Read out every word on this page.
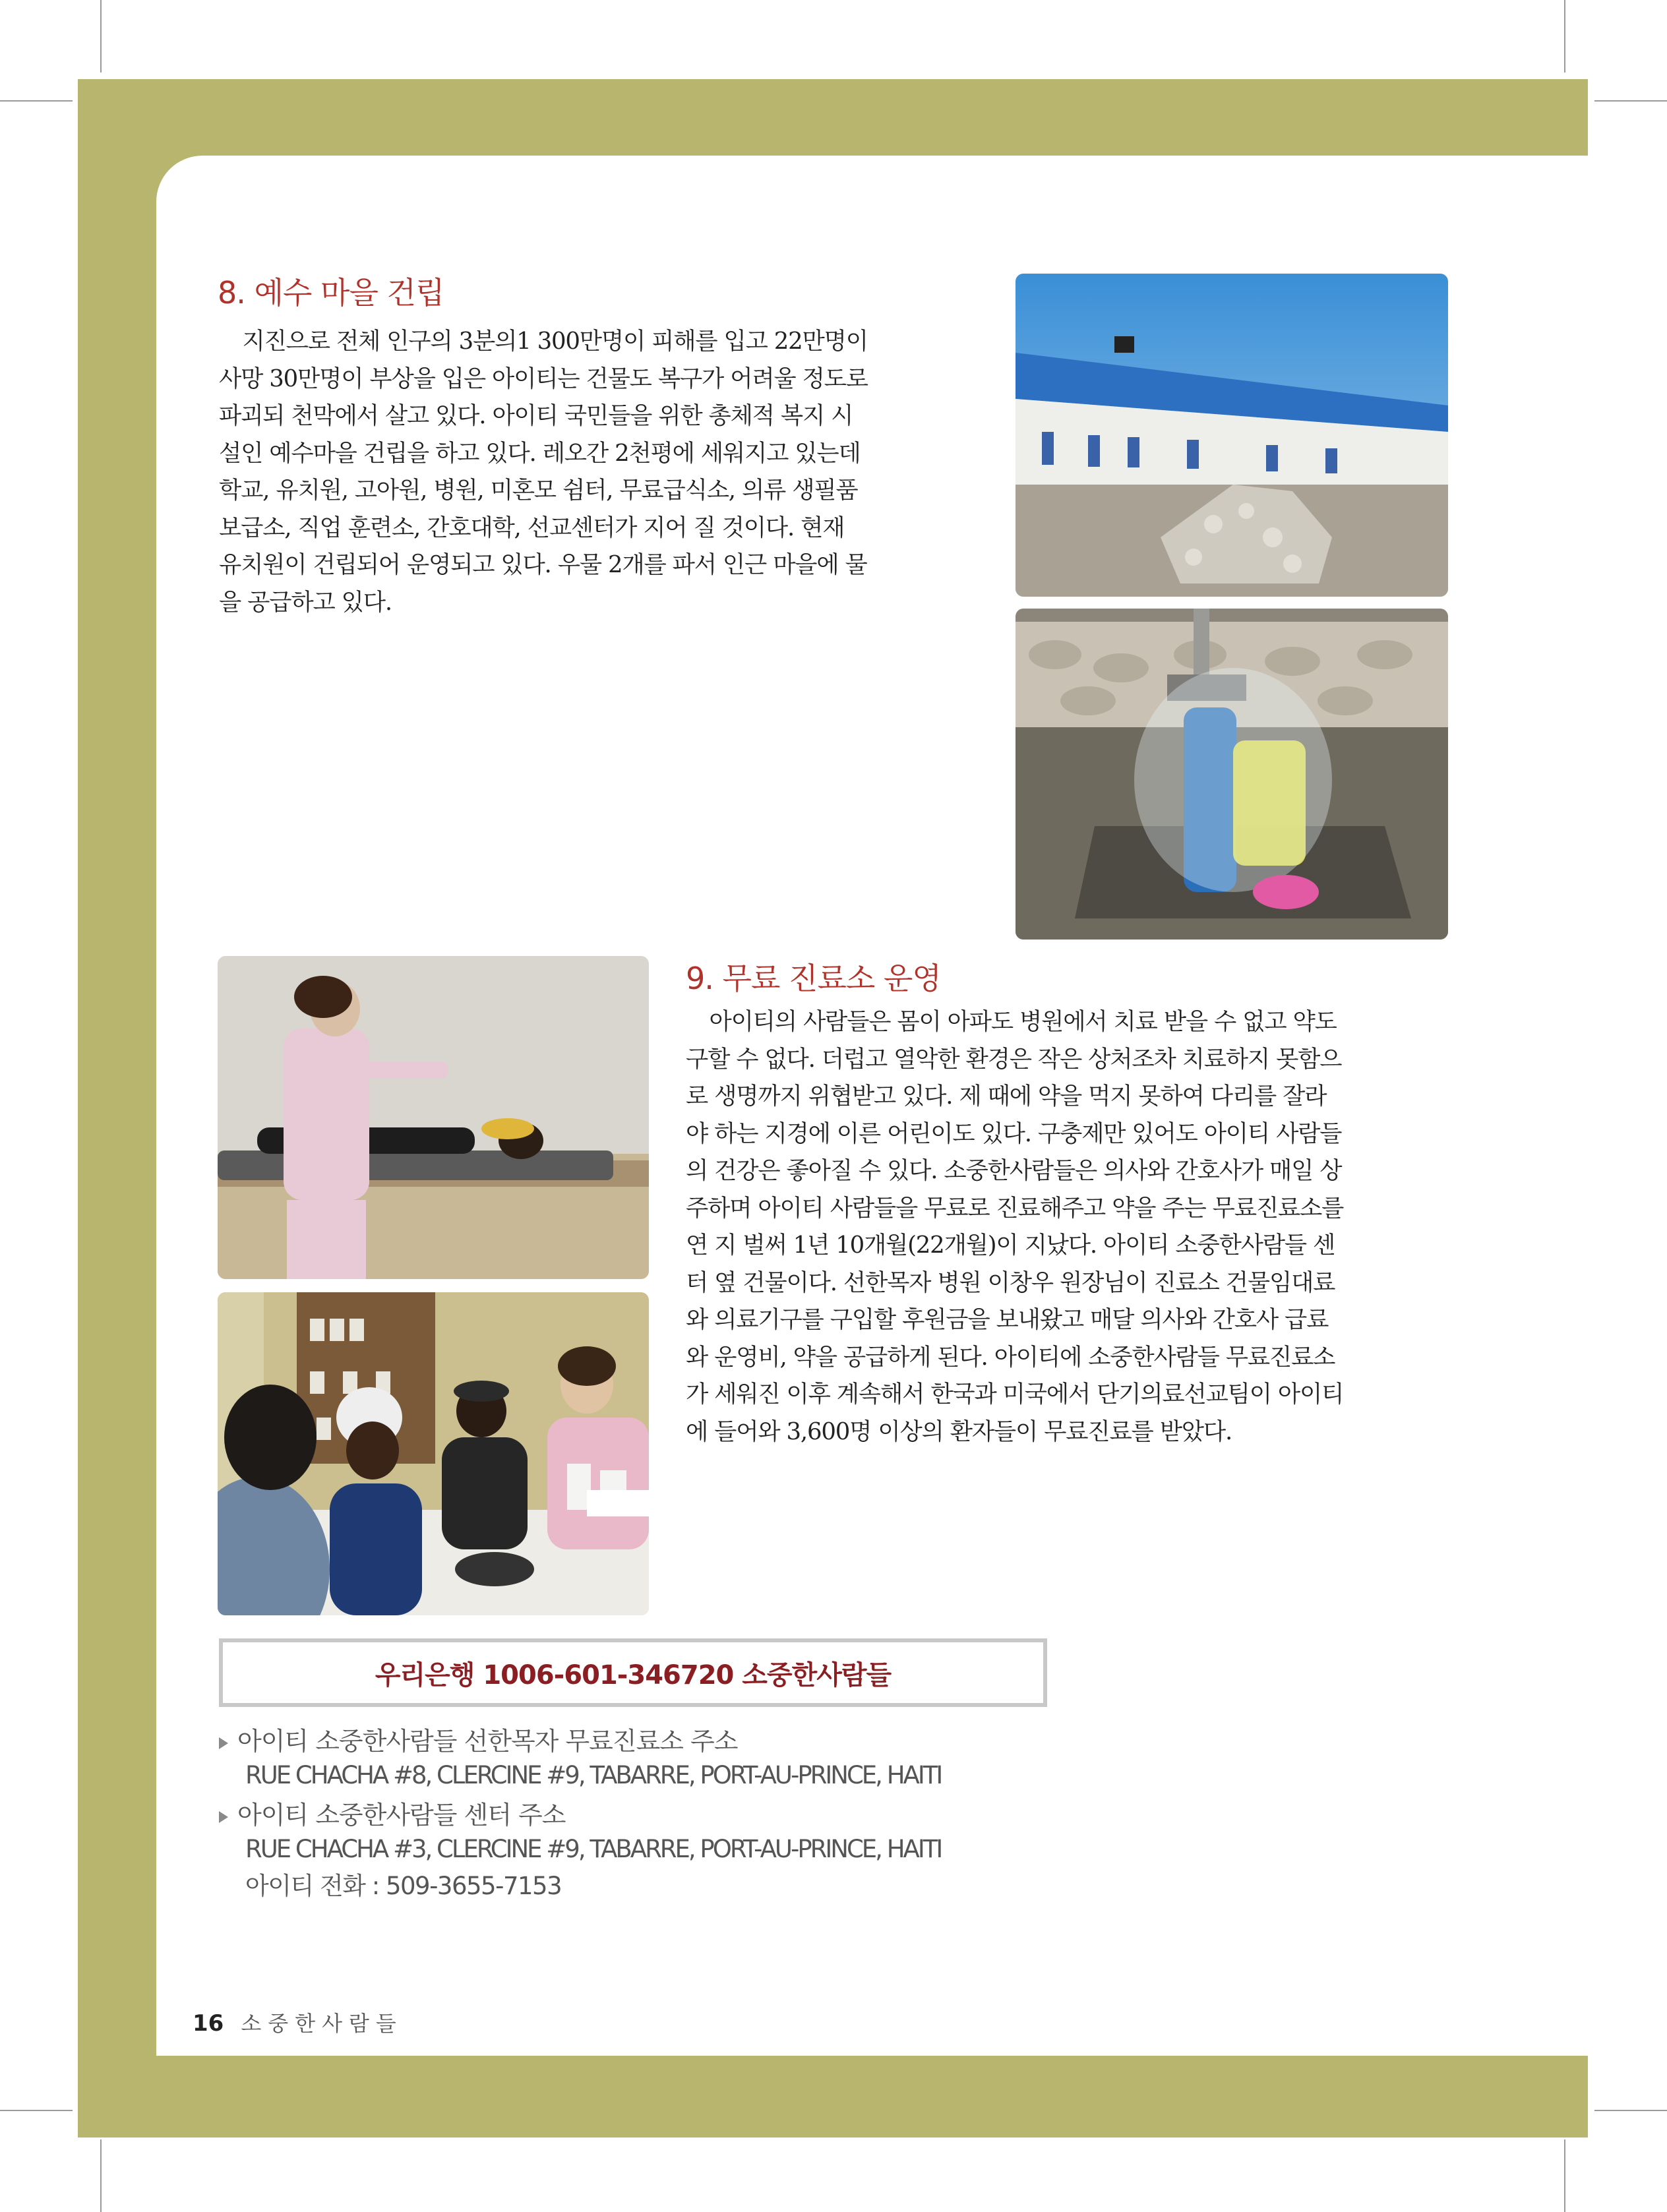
8. 예수 마을 건립
지진으로 전체 인구의 3분의1 300만명이 피해를 입고 22만명이
사망 30만명이 부상을 입은 아이티는 건물도 복구가 어려울 정도로
파괴되 천막에서 살고 있다. 아이티 국민들을 위한 총체적 복지 시
설인 예수마을 건립을 하고 있다. 레오간 2천평에 세워지고 있는데
학교, 유치원, 고아원, 병원, 미혼모 쉼터, 무료급식소, 의류 생필품
보급소, 직업 훈련소, 간호대학, 선교센터가 지어 질 것이다. 현재
유치원이 건립되어 운영되고 있다. 우물 2개를 파서 인근 마을에 물
을 공급하고 있다.
9. 무료 진료소 운영
아이티의 사람들은 몸이 아파도 병원에서 치료 받을 수 없고 약도
구할 수 없다. 더럽고 열악한 환경은 작은 상처조차 치료하지 못함으
로 생명까지 위협받고 있다. 제 때에 약을 먹지 못하여 다리를 잘라
야 하는 지경에 이른 어린이도 있다. 구충제만 있어도 아이티 사람들
의 건강은 좋아질 수 있다. 소중한사람들은 의사와 간호사가 매일 상
주하며 아이티 사람들을 무료로 진료해주고 약을 주는 무료진료소를
연 지 벌써 1년 10개월(22개월)이 지났다. 아이티 소중한사람들 센
터 옆 건물이다. 선한목자 병원 이창우 원장님이 진료소 건물임대료
와 의료기구를 구입할 후원금을 보내왔고 매달 의사와 간호사 급료
와 운영비, 약을 공급하게 된다. 아이티에 소중한사람들 무료진료소
가 세워진 이후 계속해서 한국과 미국에서 단기의료선교팀이 아이티
에 들어와 3,600명 이상의 환자들이 무료진료를 받았다.
우리은행 1006-601-346720 소중한사람들
아이티 소중한사람들 선한목자 무료진료소 주소
RUE CHACHA #8, CLERCINE #9, TABARRE, PORT-AU-PRINCE, HAITI
아이티 소중한사람들 센터 주소
RUE CHACHA #3, CLERCINE #9, TABARRE, PORT-AU-PRINCE, HAITI
아이티 전화 : 509-3655-7153
16 소중한사람들
